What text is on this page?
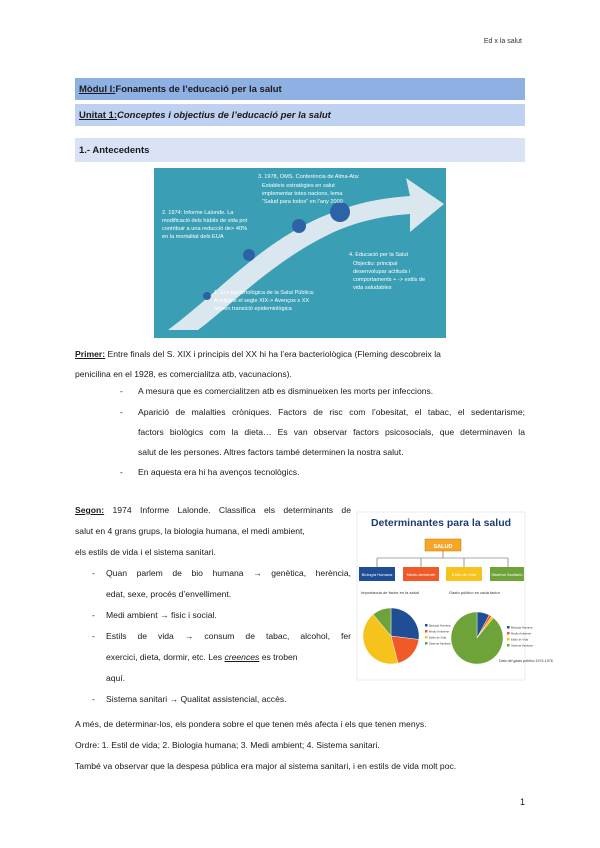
Ed x la salut
Mòdul I: Fonaments de l’educació per la salut
Unitat 1: Conceptes i objectius de l’educació per la salut
1.- Antecedents
1. Era bacteriològica de la Salut Pública: A mitjans el segle XIX-> Avenços s XX neixen transició epidemiològica
2. 1974: Informe Lalonde. La modificació dels hàbits de vida pot contribuir a una reducció de> 40% en la mortalitat dels EUA
3. 1978, OMS. Conferència de Alma-Ata: Estableix estratègies en salut implementar totes nacions, lema “Salud para todos” en l’any 2000
4. Educació per la Salut Objectiu: principal desenvolupar actituds i comportaments + -> estils de vida saludables
Primer: Entre finals del S. XIX i principis del XX hi ha l’era bacteriològica (Fleming descobreix la
penicilina en el 1928, es comercialitza atb, vacunacions).
- A mesura que es comercialitzen atb es disminueixen les morts per infeccions.
- Aparició de malalties cròniques. Factors de risc com l’obesitat, el tabac, el sedentarisme;
factors biològics com la dieta… Es van observar factors psicosocials, que determinaven la
salut de les persones. Altres factors també determinen la nostra salut.
- En aquesta era hi ha avenços tecnològics.
Segon: 1974 Informe Lalonde. Classifica els determinants de
salut en 4 grans grups, la biologia humana, el medi ambient,
els estils de vida i el sistema sanitari.
- Quan parlem de bio humana → genètica, herència,
edat, sexe, procés d’envelliment.
- Medi ambient → fisic i social.
- Estils de vida → consum de tabac, alcohol, fer
exercici, dieta, dormir, etc. Les creences es troben
aquí.
- Sistema sanitari → Qualitat assistencial, accès.
Determinantes para la salud
SALUD
Biología Humana	Medio Ambiente	Estilo de Vida	Sistema Sanitario
Importancia de factor en la salud	Gasto público en cada factor
Biología Humana
Medio Ambiente
Estilo de Vida
Sistema Sanitario
Biología Humana
Medio Ambiente
Estilo de Vida
Sistema Sanitario
Dato del gasto público 1974-1976
A més, de determinar-los, els pondera sobre el que tenen més afecta i els que tenen menys.
Ordre: 1. Estil de vida; 2. Biologia humana; 3. Medi ambient; 4. Sistema sanitari.
També va observar que la despesa pública era major al sistema sanitari, i en estils de vida molt poc.
1
